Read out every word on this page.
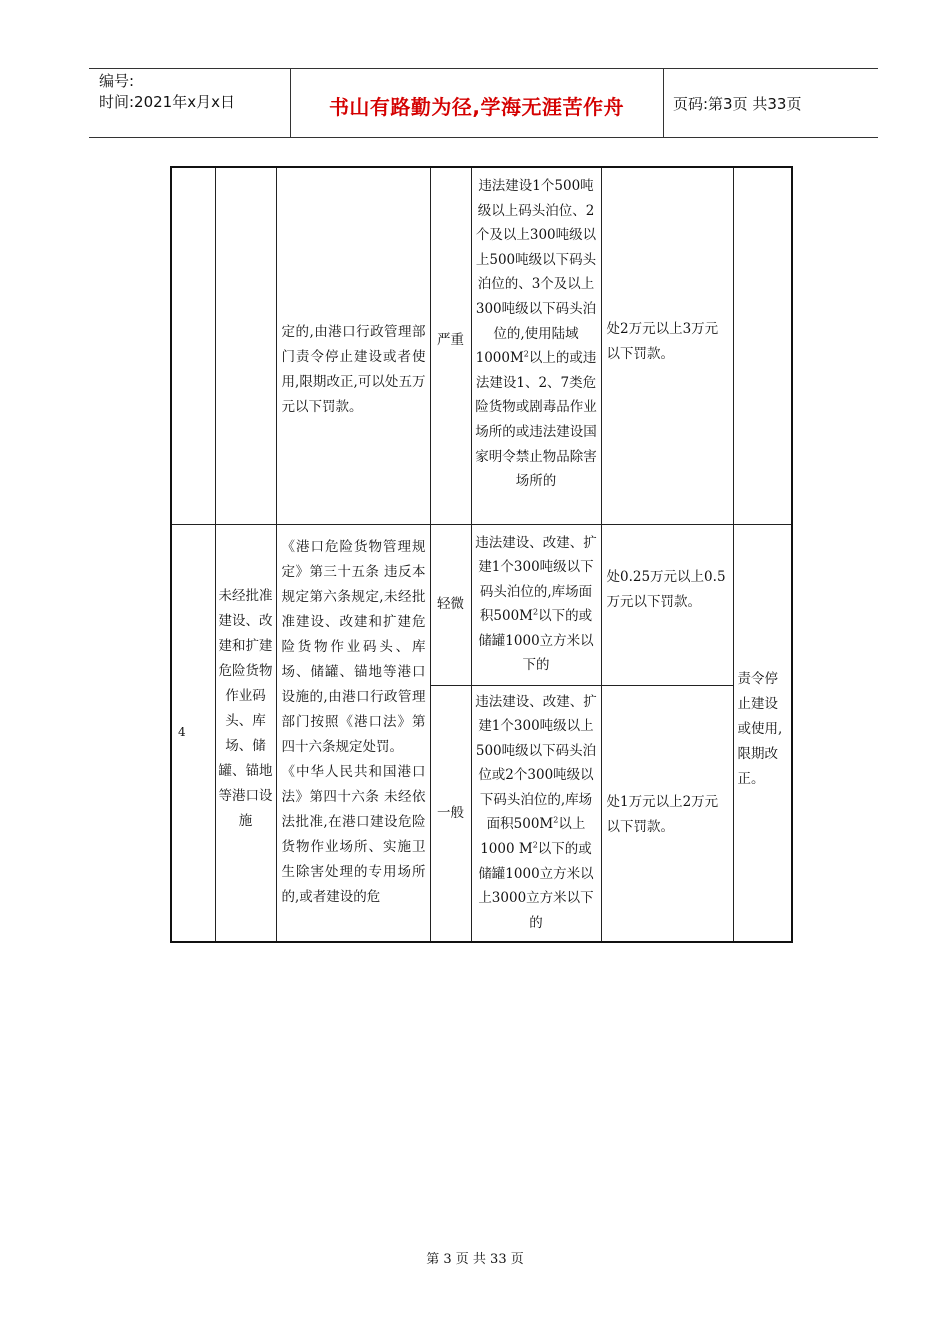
编号:
时间:2021年x月x日	书山有路勤为径,学海无涯苦作舟	页码:第3页 共33页

		定的,由港口行政管理部门责令停止建设或者使用,限期改正,可以处五万元以下罚款。	严重	违法建设1个500吨级以上码头泊位、2个及以上300吨级以上500吨级以下码头泊位的、3个及以上300吨级以下码头泊位的,使用陆域$1000M^2$以上的或违法建设1、2、7类危险货物或剧毒品作业场所的或违法建设国家明令禁止物品除害场所的	处2万元以上3万元以下罚款。	

4	未经批准建设、改建和扩建危险货物作业码头、库场、储罐、锚地等港口设施	《港口危险货物管理规定》第三十五条 违反本规定第六条规定,未经批准建设、改建和扩建危险货物作业码头、库场、储罐、锚地等港口设施的,由港口行政管理部门按照《港口法》第四十六条规定处罚。
《中华人民共和国港口法》第四十六条 未经依法批准,在港口建设危险货物作业场所、实施卫生除害处理的专用场所的,或者建设的危	轻微	违法建设、改建、扩建1个300吨级以下码头泊位的,库场面积$500M^2$以下的或储罐1000立方米以下的	处0.25万元以上0.5万元以下罚款。	责令停止建设或使用,限期改正。

			一般	违法建设、改建、扩建1个300吨级以上500吨级以下码头泊位或2个300吨级以下码头泊位的,库场面积$500M^2$以上1000 $M^2$以下的或储罐1000立方米以上3000立方米以下的	处1万元以上2万元以下罚款。	
第 3 页 共 33 页
